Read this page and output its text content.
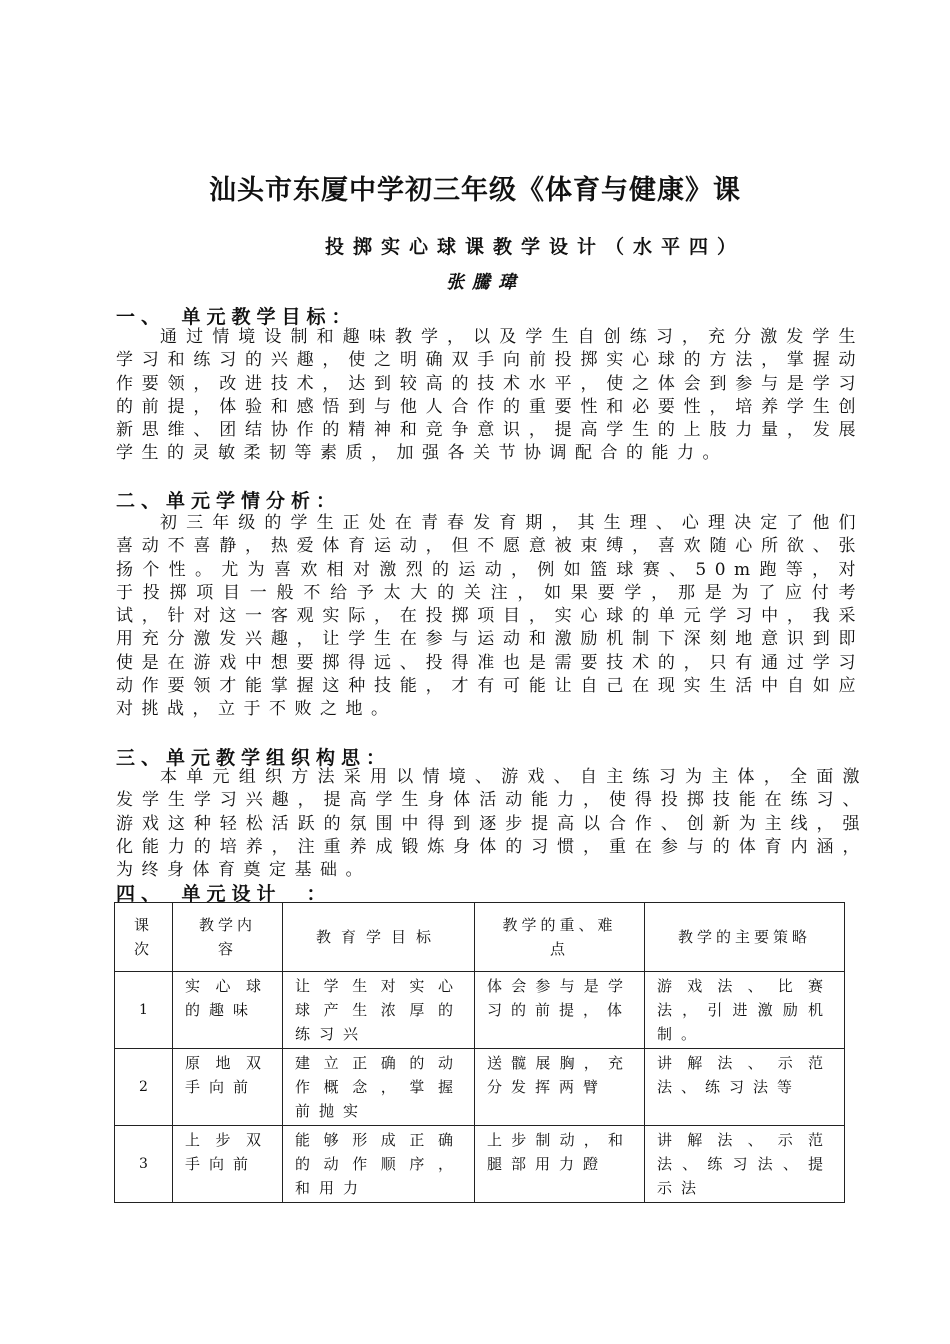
汕头市东厦中学初三年级《体育与健康》课
投掷实心球课教学设计（水平四）
张騰瑋
一、　单元教学目标：

通过情境设制和趣味教学，以及学生自创练习，充分激发学生学习和练习的兴趣，使之明确双手向前投掷实心球的方法，掌握动作要领，改进技术，达到较高的技术水平，使之体会到参与是学习的前提，体验和感悟到与他人合作的重要性和必要性，培养学生创新思维、团结协作的精神和竞争意识，提高学生的上肢力量，发展学生的灵敏柔韧等素质，加强各关节协调配合的能力。

二、单元学情分析：

初三年级的学生正处在青春发育期，其生理、心理决定了他们喜动不喜静，热爱体育运动，但不愿意被束缚，喜欢随心所欲、张扬个性。尤为喜欢相对激烈的运动，例如篮球赛、50m跑等，对于投掷项目一般不给予太大的关注，如果要学，那是为了应付考试，针对这一客观实际，在投掷项目，实心球的单元学习中，我采用充分激发兴趣，让学生在参与运动和激励机制下深刻地意识到即使是在游戏中想要掷得远、投得准也是需要技术的，只有通过学习动作要领才能掌握这种技能，才有可能让自己在现实生活中自如应对挑战，立于不败之地。

三、单元教学组织构思：

本单元组织方法采用以情境、游戏、自主练习为主体，全面激发学生学习兴趣，提高学生身体活动能力，使得投掷技能在练习、游戏这种轻松活跃的氛围中得到逐步提高以合作、创新为主线，强化能力的培养，注重养成锻炼身体的习惯，重在参与的体育内涵，为终身体育奠定基础。

四、　单元设计　：
课次	教学内容	教育学目标	教学的重、难点	教学的主要策略
1	实心球的趣味	让学生对实心球产生浓厚的练习兴	体会参与是学习的前提，体	游戏法、比赛法，引进激励机制。

2	原地双手向前	建立正确的动作概念，掌握前抛实	送髋展胸，充分发挥两臂	讲解法、示范法、练习法等

3	上步双手向前	能够形成正确的动作顺序，和用力	上步制动，和腿部用力蹬	讲解法、示范法、练习法、提示法
